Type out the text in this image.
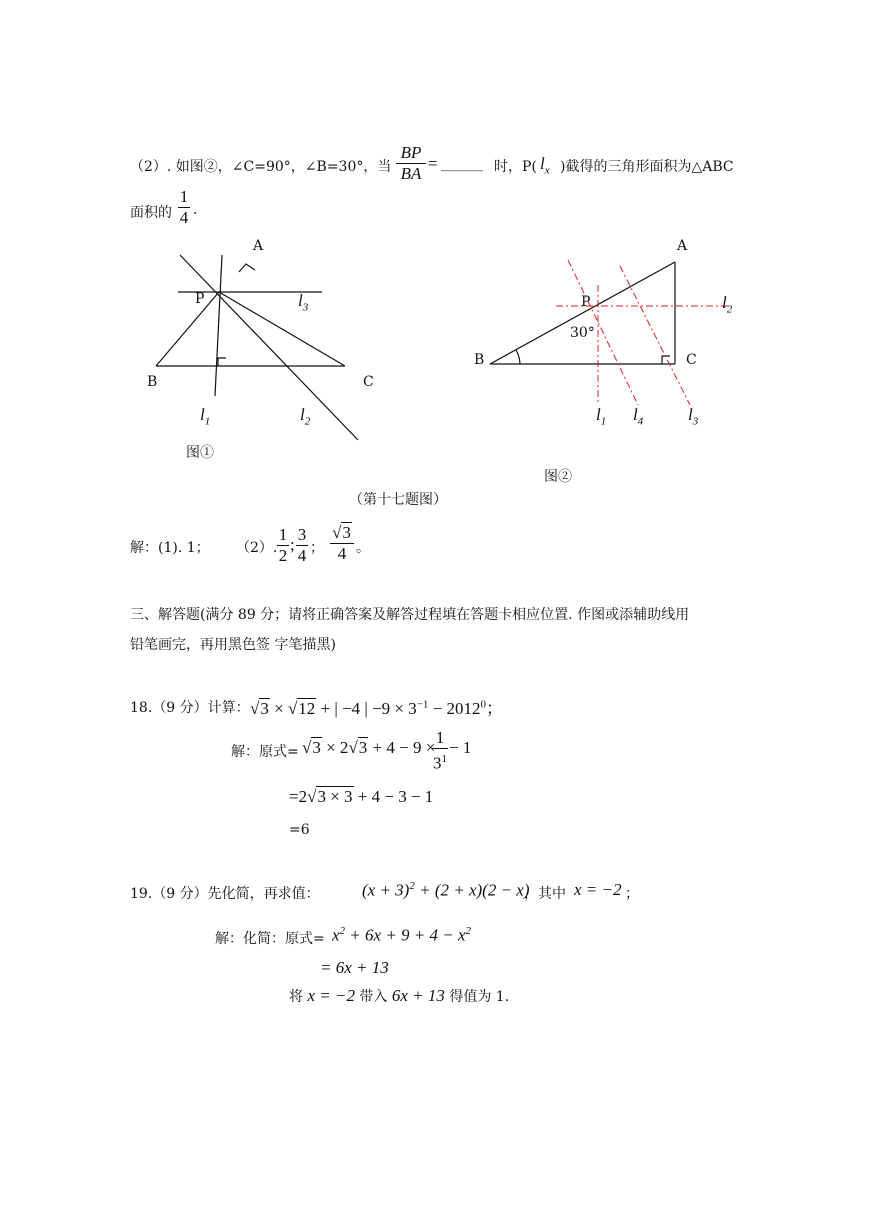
（2）. 如图②，∠C=90°，∠B=30°，当
BP
BA
= ______ 时，P( $l_x$ )截得的三角形面积为△ABC
面积的
1
4 .
A
P
B	C
$l_3$
$l_1$	$l_2$
图①
A
P
30°
B	C
$l_2$
$l_1$ $l_4$	$l_3$
图②
（第十七题图）
解：(1). 1； （2）.
1
2
;
3
4 ；
√3
4 。
三、解答题(满分 89 分；请将正确答案及解答过程填在答题卡相应位置. 作图或添辅助线用
铅笔画完，再用黑色签 字笔描黑)
18.（9 分）计算： √3 × √12 + | −4 | $-9 \times 3^{-1} - 2012^0$；
解：原式= √3 × 2√3 + 4 − 9 ×
1
$3^1$
− 1
=2√3 × 3 + 4 − 3 − 1
=6
19.（9 分）先化简，再求值： $(x + 3)^2 + (2 + x)(2 - x)$
，其中 x = −2 ；
解：化简：原式= $x^2 + 6x + 9 + 4 - x^2$
= 6x + 13
将 x = −2 带入 6x + 13 得值为 1.
